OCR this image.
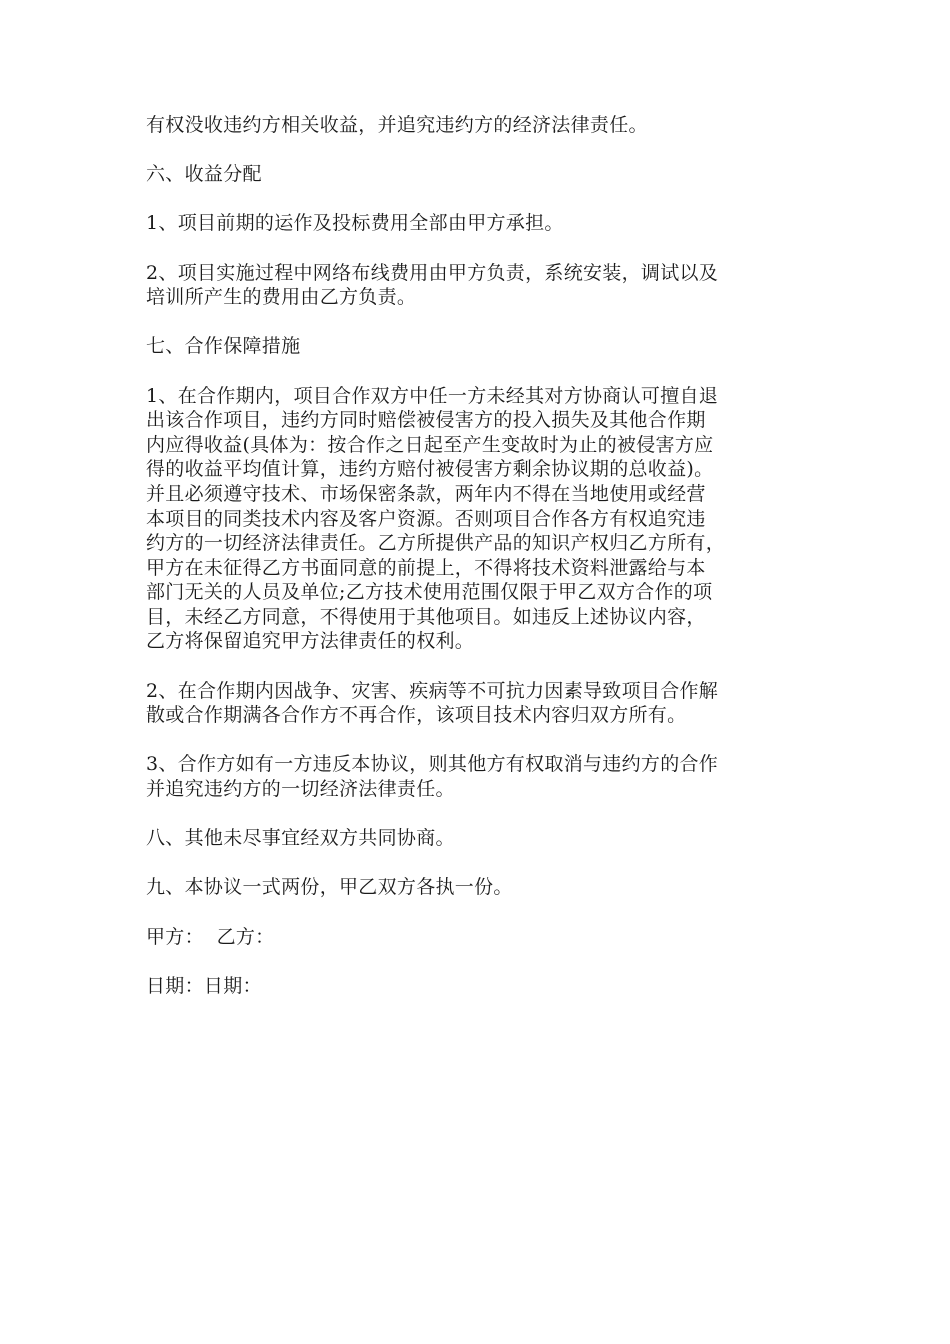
有权没收违约方相关收益，并追究违约方的经济法律责任。
六、收益分配
1、项目前期的运作及投标费用全部由甲方承担。
2、项目实施过程中网络布线费用由甲方负责，系统安装，调试以及
培训所产生的费用由乙方负责。
七、合作保障措施
1、在合作期内，项目合作双方中任一方未经其对方协商认可擅自退
出该合作项目，违约方同时赔偿被侵害方的投入损失及其他合作期
内应得收益(具体为：按合作之日起至产生变故时为止的被侵害方应
得的收益平均值计算，违约方赔付被侵害方剩余协议期的总收益)。
并且必须遵守技术、市场保密条款，两年内不得在当地使用或经营
本项目的同类技术内容及客户资源。否则项目合作各方有权追究违
约方的一切经济法律责任。乙方所提供产品的知识产权归乙方所有，
甲方在未征得乙方书面同意的前提上，不得将技术资料泄露给与本
部门无关的人员及单位;乙方技术使用范围仅限于甲乙双方合作的项
目，未经乙方同意，不得使用于其他项目。如违反上述协议内容，
乙方将保留追究甲方法律责任的权利。
2、在合作期内因战争、灾害、疾病等不可抗力因素导致项目合作解
散或合作期满各合作方不再合作，该项目技术内容归双方所有。
3、合作方如有一方违反本协议，则其他方有权取消与违约方的合作
并追究违约方的一切经济法律责任。
八、其他未尽事宜经双方共同协商。
九、本协议一式两份，甲乙双方各执一份。
甲方：  乙方：
日期：日期：
